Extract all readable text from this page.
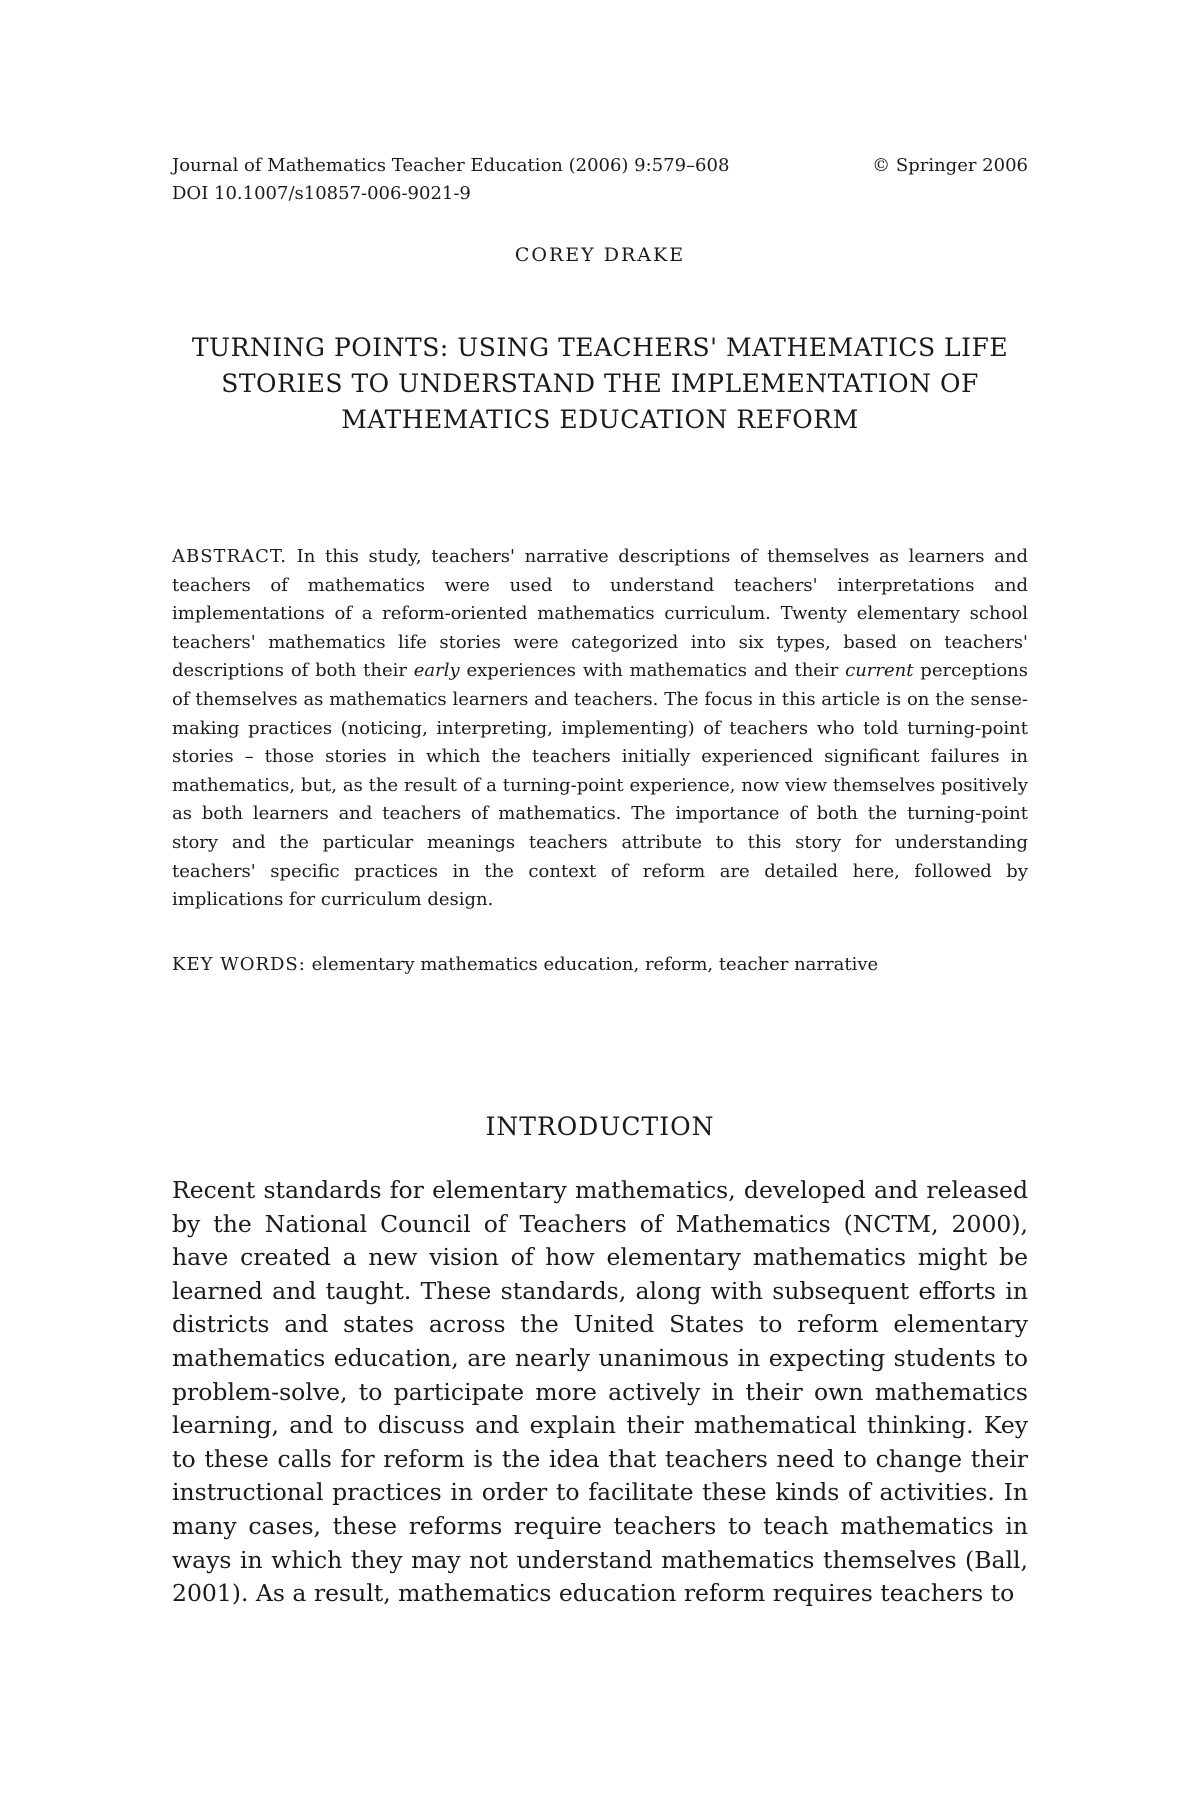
Journal of Mathematics Teacher Education (2006) 9:579–608	© Springer 2006
DOI 10.1007/s10857-006-9021-9
COREY DRAKE
TURNING POINTS: USING TEACHERS' MATHEMATICS LIFE
STORIES TO UNDERSTAND THE IMPLEMENTATION OF
MATHEMATICS EDUCATION REFORM

ABSTRACT. In this study, teachers' narrative descriptions of themselves as learners and teachers of mathematics were used to understand teachers' interpretations and implementations of a reform-oriented mathematics curriculum. Twenty elementary school teachers' mathematics life stories were categorized into six types, based on teachers' descriptions of both their early experiences with mathematics and their current perceptions of themselves as mathematics learners and teachers. The focus in this article is on the sense-making practices (noticing, interpreting, implementing) of teachers who told turning-point stories – those stories in which the teachers initially experienced significant failures in mathematics, but, as the result of a turning-point experience, now view themselves positively as both learners and teachers of mathematics. The importance of both the turning-point story and the particular meanings teachers attribute to this story for understanding teachers' specific practices in the context of reform are detailed here, followed by implications for curriculum design.

KEY WORDS: elementary mathematics education, reform, teacher narrative

INTRODUCTION

Recent standards for elementary mathematics, developed and released by the National Council of Teachers of Mathematics (NCTM, 2000), have created a new vision of how elementary mathematics might be learned and taught. These standards, along with subsequent efforts in districts and states across the United States to reform elementary mathematics education, are nearly unanimous in expecting students to problem-solve, to participate more actively in their own mathematics learning, and to discuss and explain their mathematical thinking. Key to these calls for reform is the idea that teachers need to change their instructional practices in order to facilitate these kinds of activities. In many cases, these reforms require teachers to teach mathematics in ways in which they may not understand mathematics themselves (Ball, 2001). As a result, mathematics education reform requires teachers to
